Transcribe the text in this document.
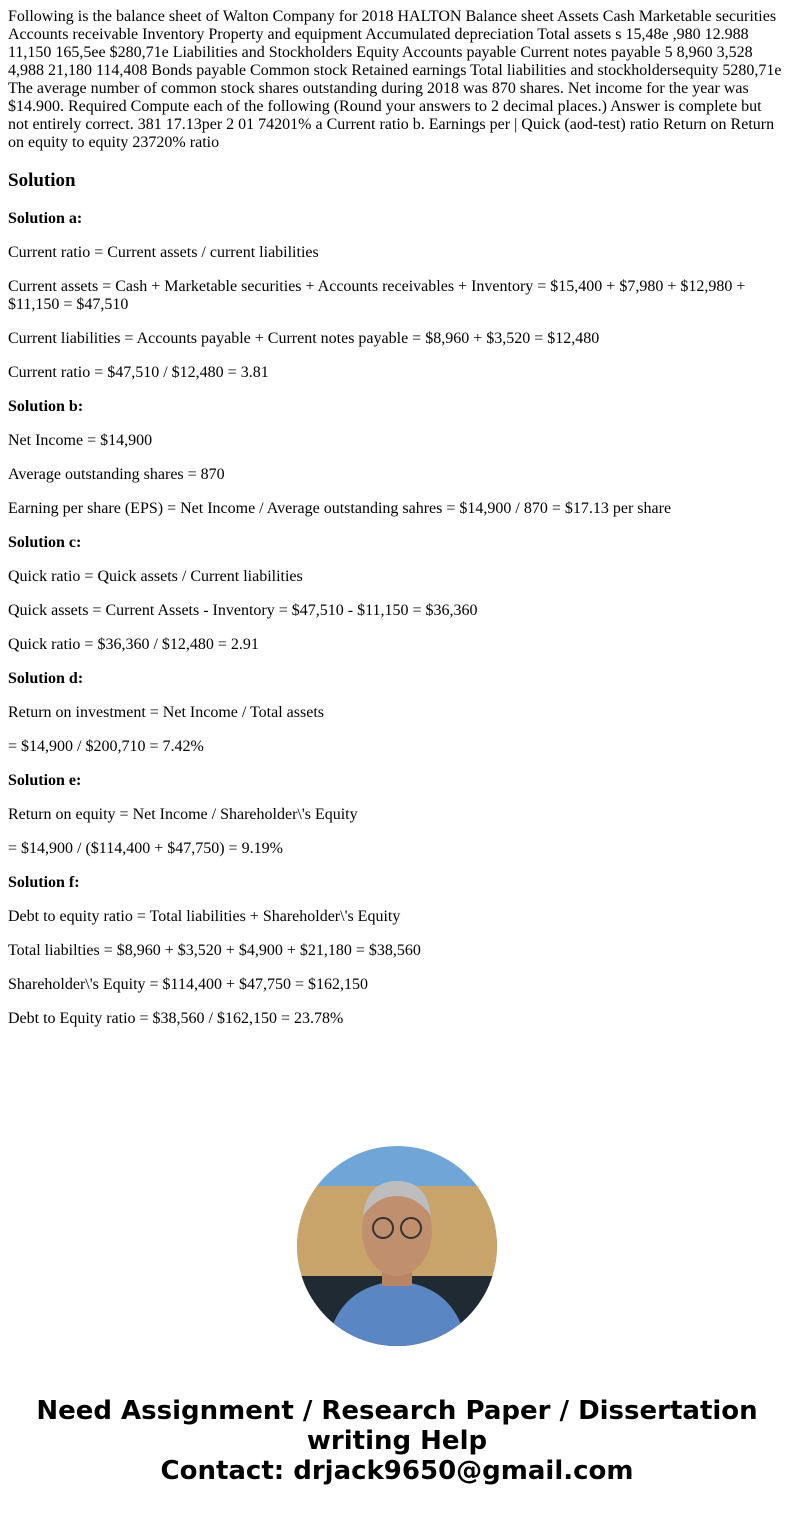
Following is the balance sheet of Walton Company for 2018 HALTON Balance sheet Assets Cash Marketable securities Accounts receivable Inventory Property and equipment Accumulated depreciation Total assets s 15,48e ,980 12.988 11,150 165,5ee $280,71e Liabilities and Stockholders Equity Accounts payable Current notes payable 5 8,960 3,528 4,988 21,180 114,408 Bonds payable Common stock Retained earnings Total liabilities and stockholdersequity 5280,71e The average number of common stock shares outstanding during 2018 was 870 shares. Net income for the year was $14.900. Required Compute each of the following (Round your answers to 2 decimal places.) Answer is complete but not entirely correct. 381 17.13per 2 01 74201% a Current ratio b. Earnings per | Quick (aod-test) ratio Return on Return on equity to equity 23720% ratio

Solution

Solution a:

Current ratio = Current assets / current liabilities

Current assets = Cash + Marketable securities + Accounts receivables + Inventory = $15,400 + $7,980 + $12,980 + $11,150 = $47,510

Current liabilities = Accounts payable + Current notes payable = $8,960 + $3,520 = $12,480

Current ratio = $47,510 / $12,480 = 3.81

Solution b:

Net Income = $14,900

Average outstanding shares = 870

Earning per share (EPS) = Net Income / Average outstanding sahres = $14,900 / 870 = $17.13 per share

Solution c:

Quick ratio = Quick assets / Current liabilities

Quick assets = Current Assets - Inventory = $47,510 - $11,150 = $36,360

Quick ratio = $36,360 / $12,480 = 2.91

Solution d:

Return on investment = Net Income / Total assets

= $14,900 / $200,710 = 7.42%

Solution e:

Return on equity = Net Income / Shareholder\'s Equity

= $14,900 / ($114,400 + $47,750) = 9.19%

Solution f:

Debt to equity ratio = Total liabilities + Shareholder\'s Equity

Total liabilties = $8,960 + $3,520 + $4,900 + $21,180 = $38,560

Shareholder\'s Equity = $114,400 + $47,750 = $162,150

Debt to Equity ratio = $38,560 / $162,150 = 23.78%

Need Assignment / Research Paper / Dissertation writing Help
Contact: drjack9650@gmail.com
